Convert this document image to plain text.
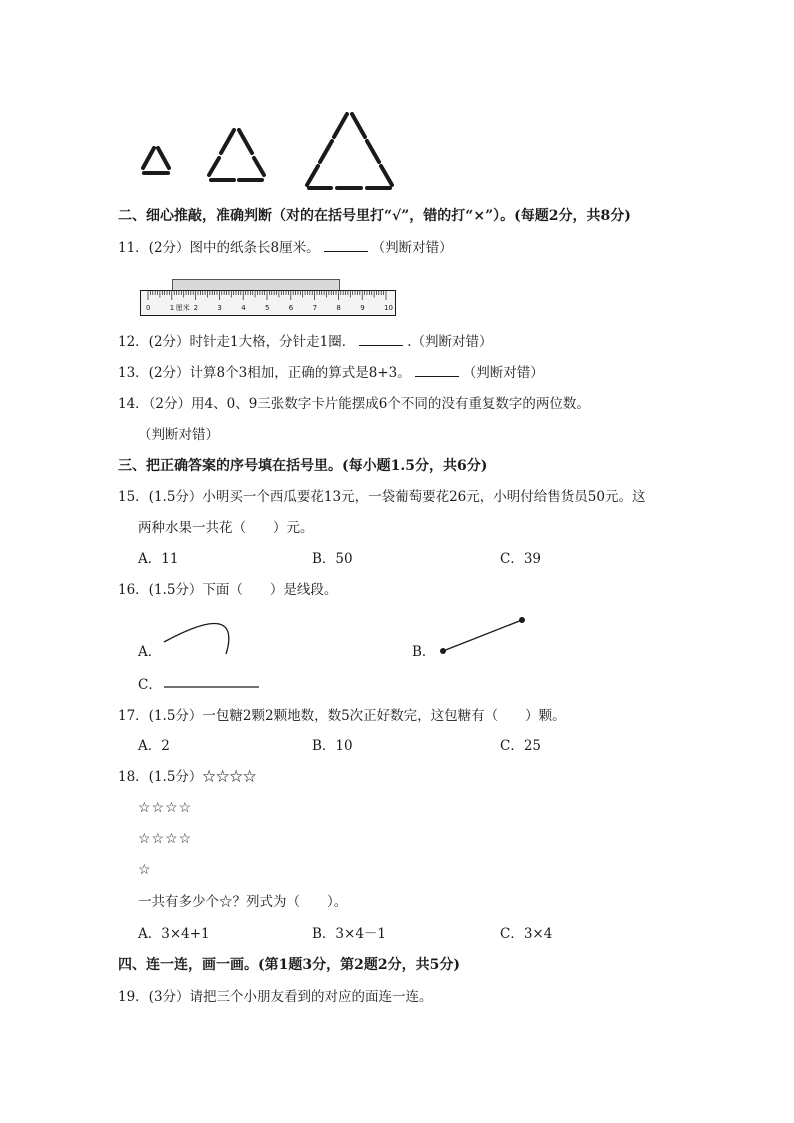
二、细心推敲，准确判断（对的在括号里打“√”，错的打“×”）。(每题2分，共8分)
11．(2分）图中的纸条长8厘米。	（判断对错）
0	1	2	3	4	5	6	7	8	9	10
厘米
12．(2分）时针走1大格，分针走1圈．	.（判断对错）
13．(2分）计算8个3相加，正确的算式是8+3。	（判断对错）
14．（2分）用4、0、9三张数字卡片能摆成6个不同的没有重复数字的两位数。
（判断对错）
三、把正确答案的序号填在括号里。(每小题1.5分，共6分)
15．(1.5分）小明买一个西瓜要花13元，一袋葡萄要花26元，小明付给售货员50元。这
两种水果一共花（　　）元。
A．11	B．50	C．39
16．(1.5分）下面（　　）是线段。
A．	B．
C．
17．(1.5分）一包糖2颗2颗地数，数5次正好数完，这包糖有（　　）颗。
A．2	B．10	C．25
18．(1.5分）☆☆☆☆
☆☆☆☆
☆☆☆☆
☆
一共有多少个☆？列式为（　　）。
A．3×4+1	B．3×4－1	C．3×4
四、连一连，画一画。(第1题3分，第2题2分，共5分)
19．(3分）请把三个小朋友看到的对应的面连一连。
